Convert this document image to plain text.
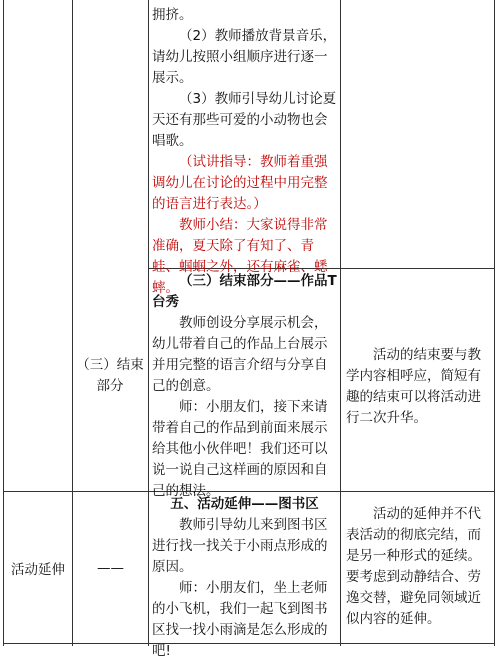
拥挤。

（2）教师播放背景音乐，请幼儿按照小组顺序进行逐一展示。

（3）教师引导幼儿讨论夏天还有那些可爱的小动物也会唱歌。

（试讲指导：教师着重强调幼儿在讨论的过程中用完整的语言进行表达。）

教师小结：大家说得非常准确，夏天除了有知了、青蛙、蝈蝈之外，还有麻雀、蟋蟀。

（三）结束部分

（三）结束部分——作品T台秀

教师创设分享展示机会，幼儿带着自己的作品上台展示并用完整的语言介绍与分享自己的创意。

师：小朋友们，接下来请带着自己的作品到前面来展示给其他小伙伴吧！我们还可以说一说自己这样画的原因和自己的想法。

活动的结束要与教学内容相呼应，简短有趣的结束可以将活动进行二次升华。

活动延伸 ——

五、活动延伸——图书区

教师引导幼儿来到图书区进行找一找关于小雨点形成的原因。

师：小朋友们，坐上老师的小飞机，我们一起飞到图书区找一找小雨滴是怎么形成的吧!

活动的延伸并不代表活动的彻底完结，而是另一种形式的延续。要考虑到动静结合、劳逸交替，避免同领域近似内容的延伸。
